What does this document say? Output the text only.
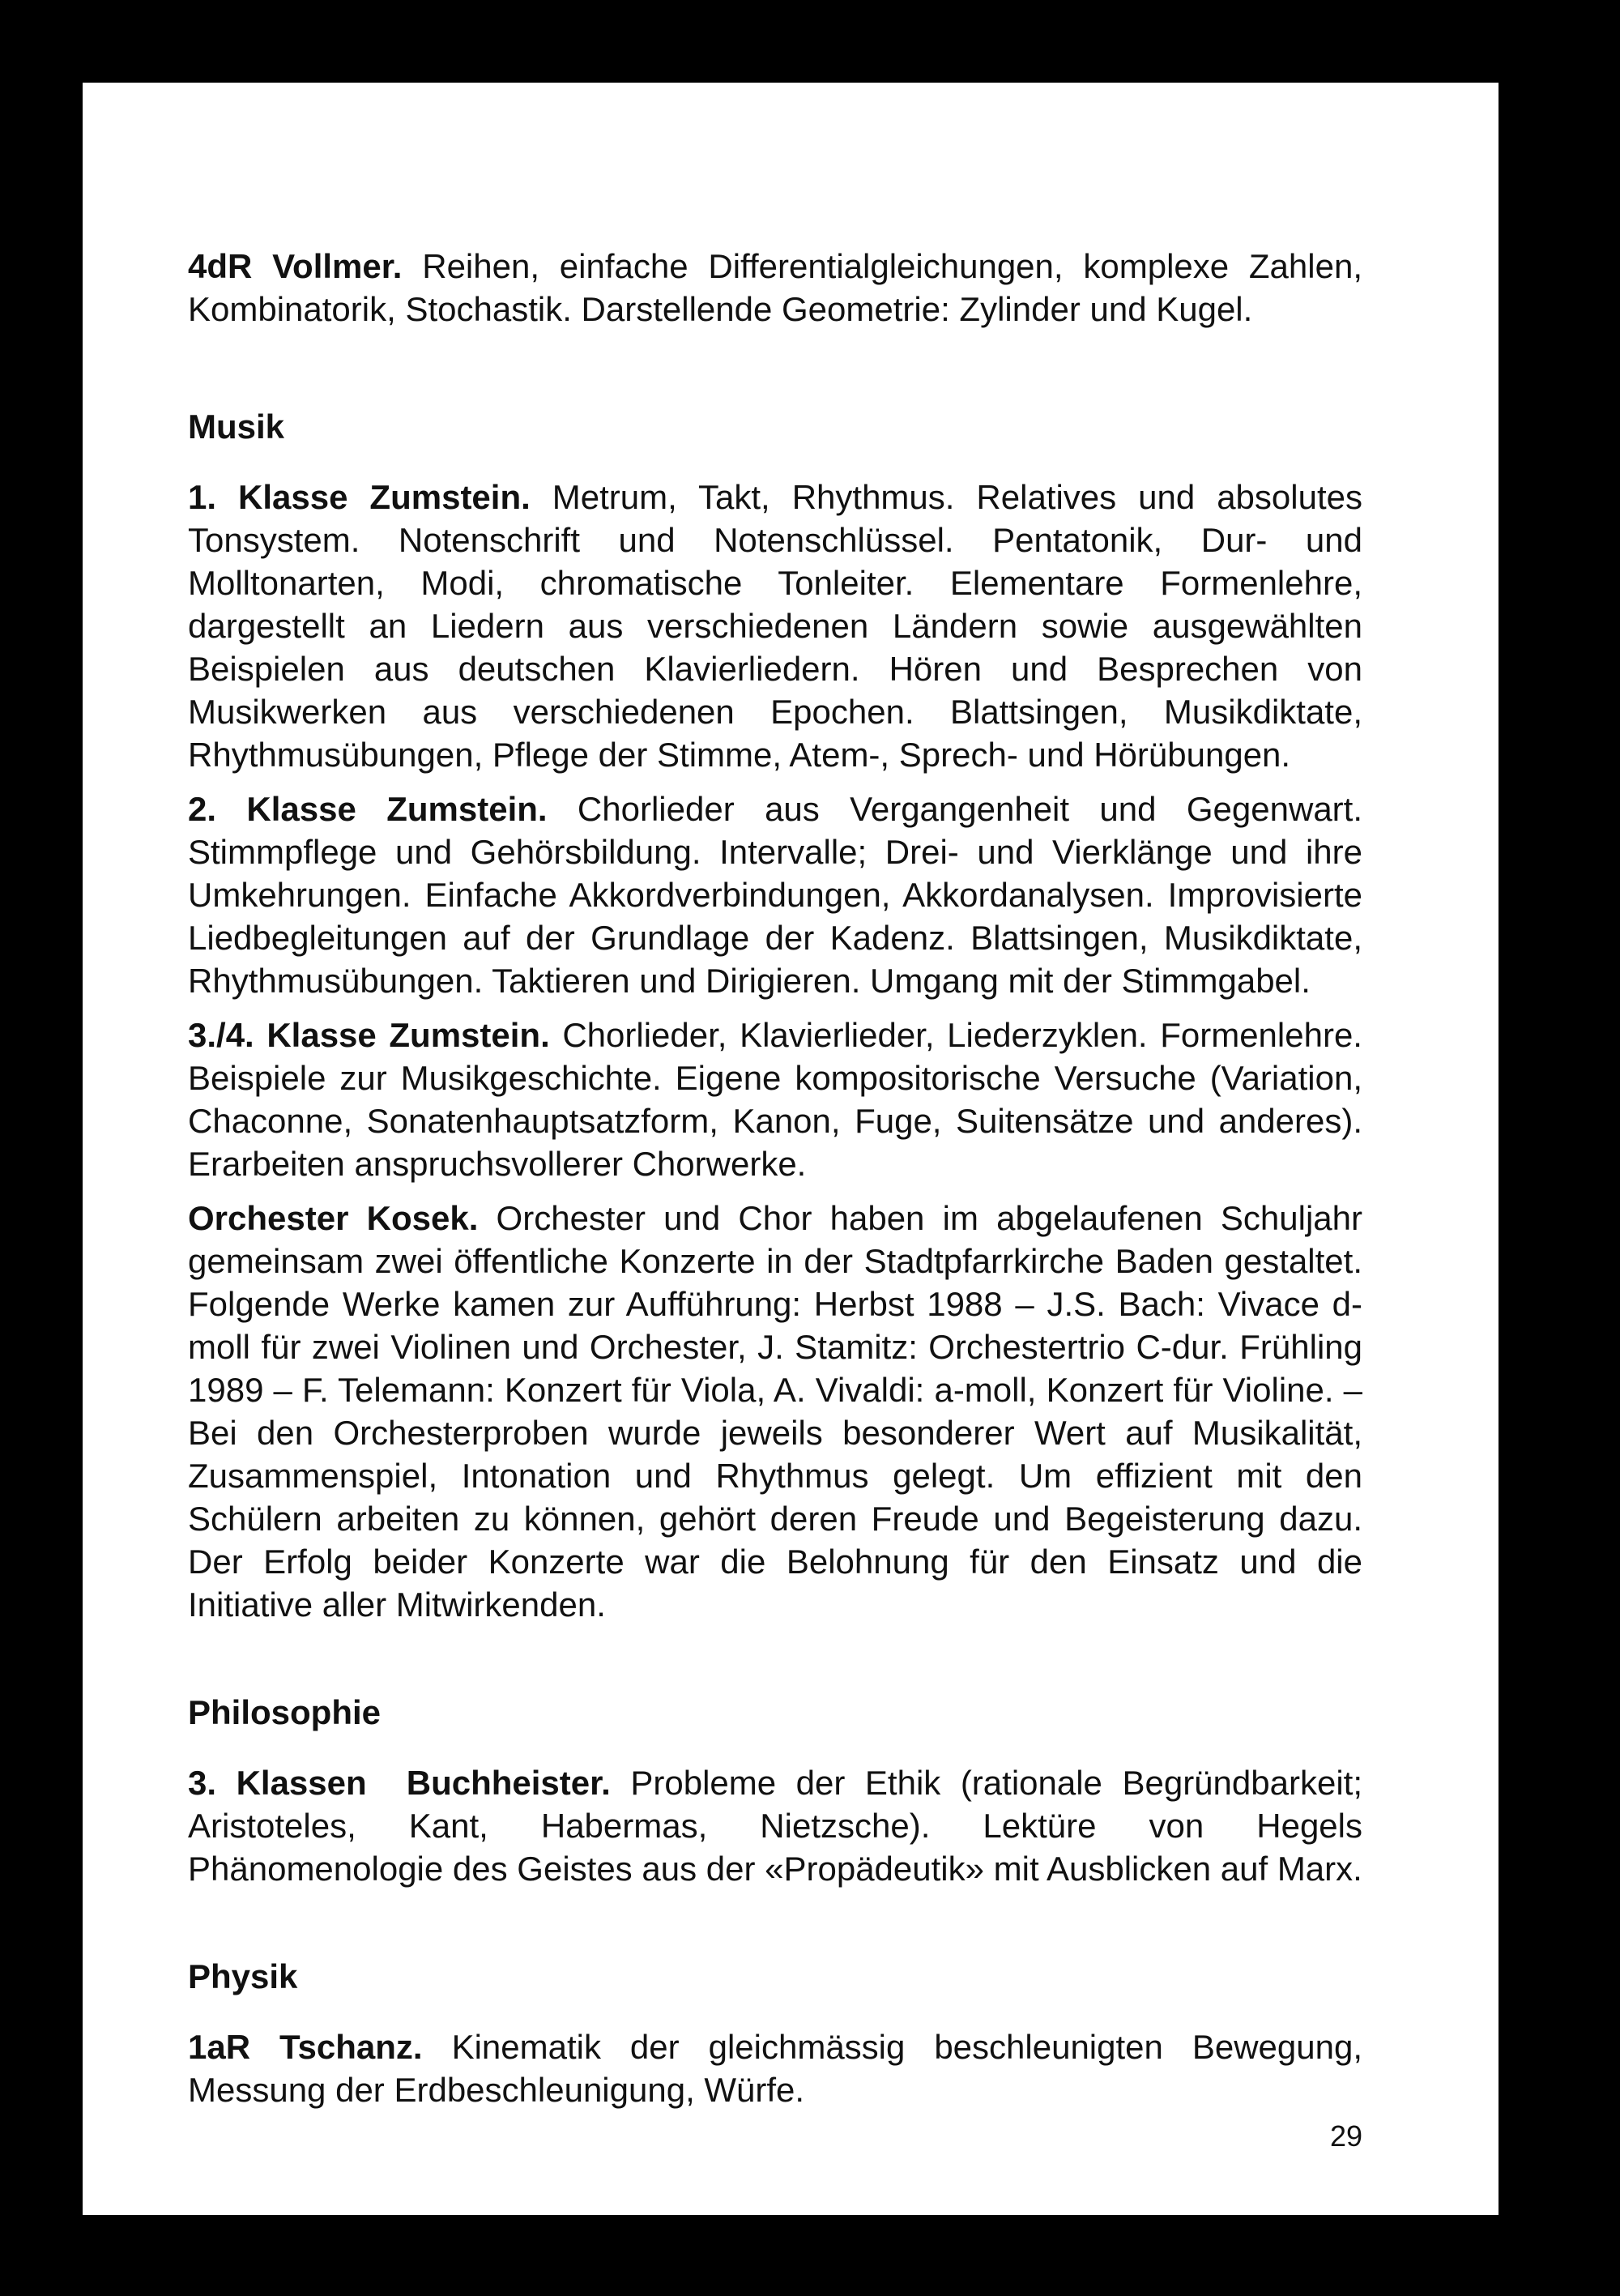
4dR Vollmer. Reihen, einfache Differentialgleichungen, komplexe Zahlen, Kombinatorik, Stochastik. Darstellende Geometrie: Zylinder und Kugel.

Musik

1. Klasse Zumstein. Metrum, Takt, Rhythmus. Relatives und absolutes Tonsystem. Notenschrift und Notenschlüssel. Pentatonik, Dur- und Molltonarten, Modi, chromatische Tonleiter. Elementare Formenlehre, dargestellt an Liedern aus verschiedenen Ländern sowie ausgewählten Beispielen aus deutschen Klavierliedern. Hören und Besprechen von Musikwerken aus verschiedenen Epochen. Blattsingen, Musikdiktate, Rhythmusübungen, Pflege der Stimme, Atem-, Sprech- und Hörübungen.

2. Klasse Zumstein. Chorlieder aus Vergangenheit und Gegenwart. Stimmpflege und Gehörsbildung. Intervalle; Drei- und Vierklänge und ihre Umkehrungen. Einfache Akkordverbindungen, Akkordanalysen. Improvisierte Liedbegleitungen auf der Grundlage der Kadenz. Blattsingen, Musikdiktate, Rhythmusübungen. Taktieren und Dirigieren. Umgang mit der Stimmgabel.

3./4. Klasse Zumstein. Chorlieder, Klavierlieder, Liederzyklen. Formenlehre. Beispiele zur Musikgeschichte. Eigene kompositorische Versuche (Variation, Chaconne, Sonatenhauptsatzform, Kanon, Fuge, Suitensätze und anderes). Erarbeiten anspruchsvollerer Chorwerke.

Orchester Kosek. Orchester und Chor haben im abgelaufenen Schuljahr gemeinsam zwei öffentliche Konzerte in der Stadtpfarrkirche Baden gestaltet. Folgende Werke kamen zur Aufführung: Herbst 1988 – J.S. Bach: Vivace d-moll für zwei Violinen und Orchester, J. Stamitz: Orchestertrio C-dur. Frühling 1989 – F. Telemann: Konzert für Viola, A. Vivaldi: a-moll, Konzert für Violine. – Bei den Orchesterproben wurde jeweils besonderer Wert auf Musikalität, Zusammenspiel, Intonation und Rhythmus gelegt. Um effizient mit den Schülern arbeiten zu können, gehört deren Freude und Begeisterung dazu. Der Erfolg beider Konzerte war die Belohnung für den Einsatz und die Initiative aller Mitwirkenden.

Philosophie

3. Klassen  Buchheister. Probleme der Ethik (rationale Begründbarkeit; Aristoteles, Kant, Habermas, Nietzsche). Lektüre von Hegels Phänomenologie des Geistes aus der «Propädeutik» mit Ausblicken auf Marx.

Physik

1aR Tschanz. Kinematik der gleichmässig beschleunigten Bewegung, Messung der Erdbeschleunigung, Würfe.

29
